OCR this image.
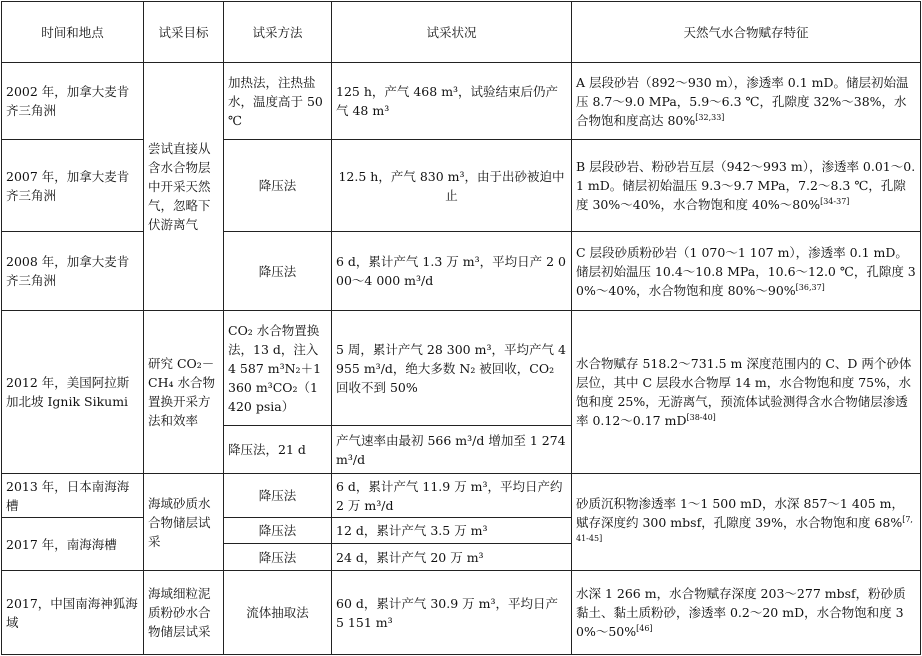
时间和地点	试采目标	试采方法	试采状况	天然气水合物赋存特征
2002 年，加拿大麦肯齐三角洲	尝试直接从含水合物层中开采天然气，忽略下伏游离气	加热法，注热盐水，温度高于 50 ℃	125 h，产气 468 m³，试验结束后仍产气 48 m³	A 层段砂岩（892～930 m），渗透率 0.1 mD。储层初始温压 8.7～9.0 MPa，5.9～6.3 ℃，孔隙度 32%～38%，水合物饱和度高达 80%[32,33]
2007 年，加拿大麦肯齐三角洲		降压法	12.5 h，产气 830 m³，由于出砂被迫中止	B 层段砂岩、粉砂岩互层（942～993 m），渗透率 0.01～0.1 mD。储层初始温压 9.3～9.7 MPa，7.2～8.3 ℃，孔隙度 30%～40%，水合物饱和度 40%～80%[34-37]
2008 年，加拿大麦肯齐三角洲		降压法	6 d，累计产气 1.3 万 m³，平均日产 2 000～4 000 m³/d	C 层段砂质粉砂岩（1 070～1 107 m），渗透率 0.1 mD。储层初始温压 10.4～10.8 MPa，10.6～12.0 ℃，孔隙度 30%～40%，水合物饱和度 80%～90%[36,37]
2012 年，美国阿拉斯加北坡 Ignik Sikumi	研究 CO₂－CH₄ 水合物置换开采方法和效率	CO₂ 水合物置换法，13 d，注入 4 587 m³N₂＋1 360 m³CO₂（1 420 psia）	5 周，累计产气 28 300 m³，平均产气 4 955 m³/d，绝大多数 N₂ 被回收，CO₂ 回收不到 50%	水合物赋存 518.2～731.5 m 深度范围内的 C、D 两个砂体层位，其中 C 层段水合物厚 14 m，水合物饱和度 75%，水饱和度 25%，无游离气，预流体试验测得含水合物储层渗透率 0.12～0.17 mD[38-40]
		降压法，21 d	产气速率由最初 566 m³/d 增加至 1 274 m³/d	
2013 年，日本南海海槽	海域砂质水合物储层试采	降压法	6 d，累计产气 11.9 万 m³，平均日产约 2 万 m³/d	砂质沉积物渗透率 1～1 500 mD，水深 857～1 405 m，赋存深度约 300 mbsf，孔隙度 39%，水合物饱和度 68%[7,41-45]
2017 年，南海海槽		降压法	12 d，累计产气 3.5 万 m³	
		降压法	24 d，累计产气 20 万 m³	
2017，中国南海神狐海域	海域细粒泥质粉砂水合物储层试采	流体抽取法	60 d，累计产气 30.9 万 m³，平均日产 5 151 m³	水深 1 266 m，水合物赋存深度 203～277 mbsf，粉砂质黏土、黏土质粉砂，渗透率 0.2～20 mD，水合物饱和度 30%～50%[46]
